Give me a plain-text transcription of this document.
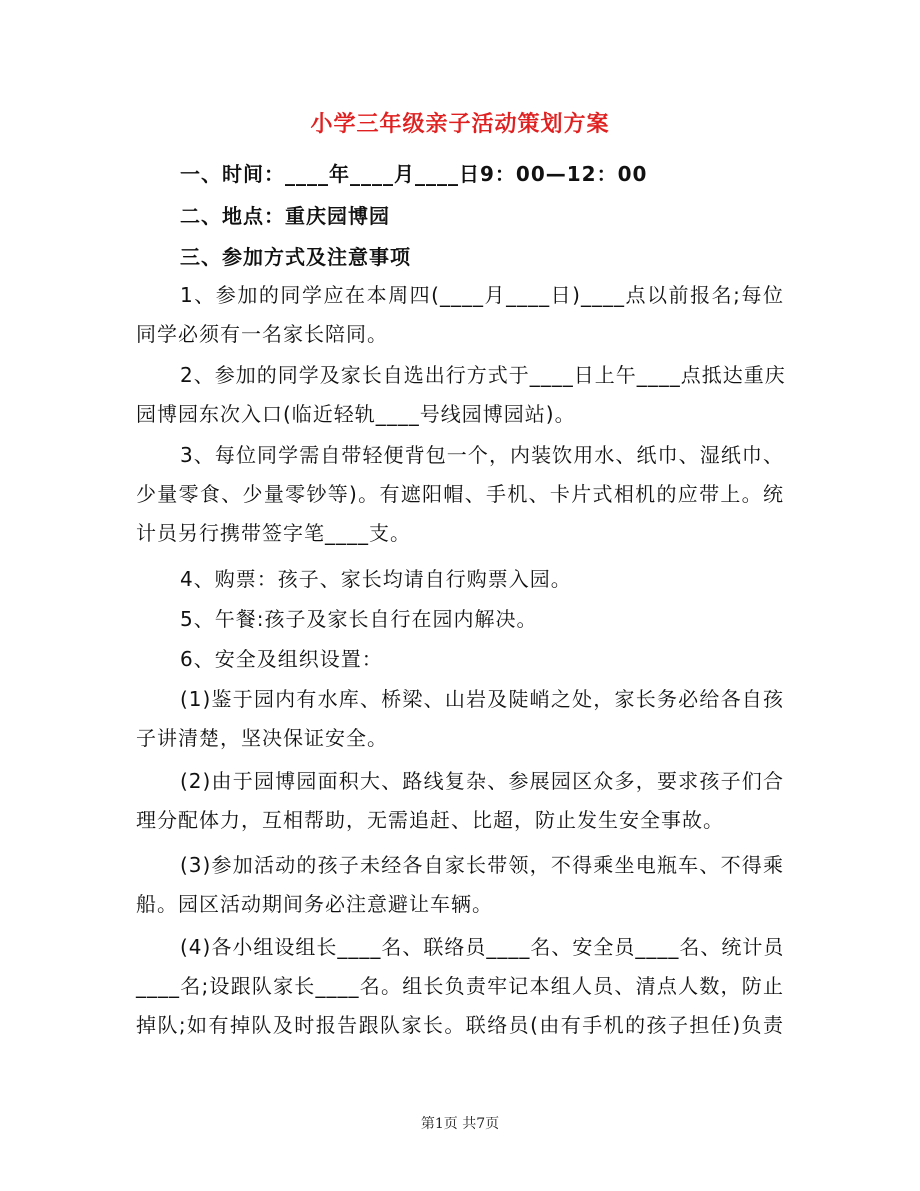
小学三年级亲子活动策划方案
一、时间：____年____月____日9：00—12：00
二、地点：重庆园博园
三、参加方式及注意事项
1、参加的同学应在本周四(____月____日)____点以前报名;每位
同学必须有一名家长陪同。
2、参加的同学及家长自选出行方式于____日上午____点抵达重庆
园博园东次入口(临近轻轨____号线园博园站)。
3、每位同学需自带轻便背包一个，内装饮用水、纸巾、湿纸巾、
少量零食、少量零钞等)。有遮阳帽、手机、卡片式相机的应带上。统
计员另行携带签字笔____支。
4、购票：孩子、家长均请自行购票入园。
5、午餐:孩子及家长自行在园内解决。
6、安全及组织设置：
(1)鉴于园内有水库、桥梁、山岩及陡峭之处，家长务必给各自孩
子讲清楚，坚决保证安全。
(2)由于园博园面积大、路线复杂、参展园区众多，要求孩子们合
理分配体力，互相帮助，无需追赶、比超，防止发生安全事故。
(3)参加活动的孩子未经各自家长带领，不得乘坐电瓶车、不得乘
船。园区活动期间务必注意避让车辆。
(4)各小组设组长____名、联络员____名、安全员____名、统计员
____名;设跟队家长____名。组长负责牢记本组人员、清点人数，防止
掉队;如有掉队及时报告跟队家长。联络员(由有手机的孩子担任)负责
第1页 共7页
